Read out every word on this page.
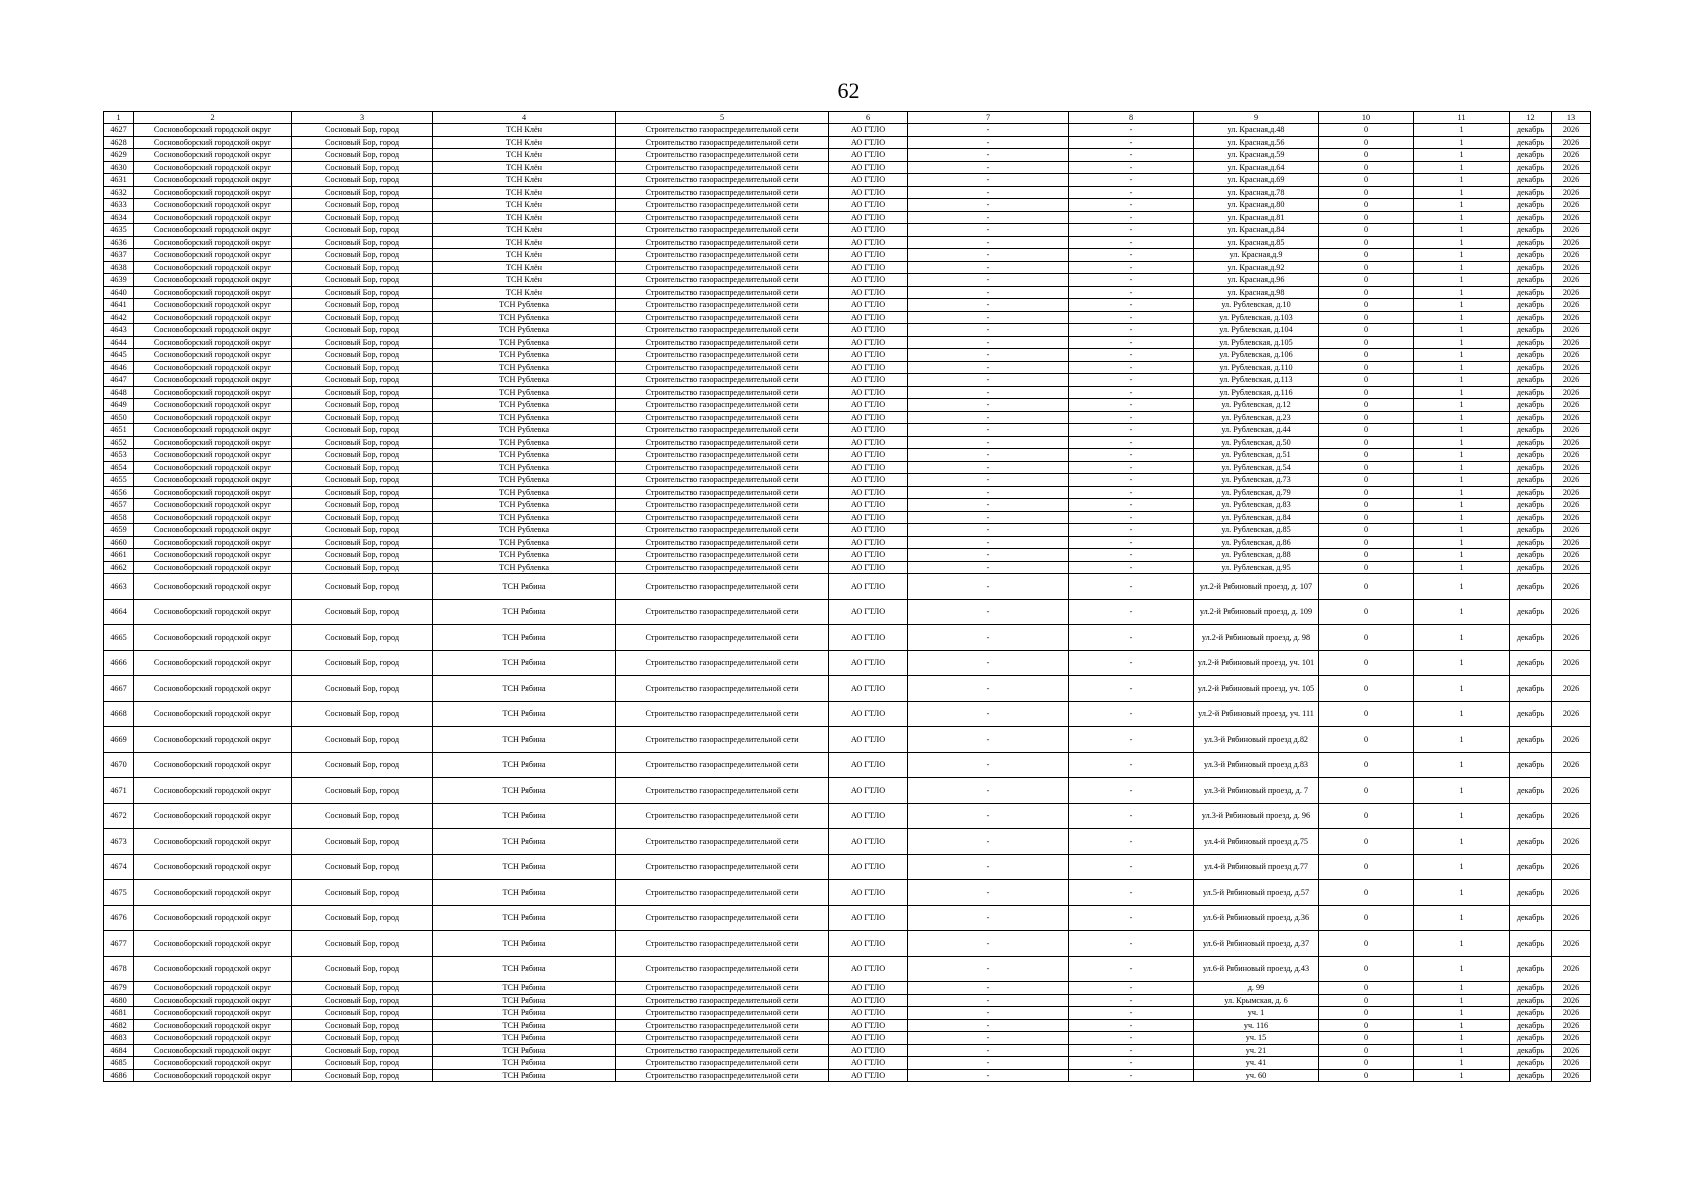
62
1	2	3	4	5	6	7	8	9	10	11	12	13
4627	Сосновоборский городской округ	Сосновый Бор, город	ТСН Клён	Строительство газораспределительной сети	АО ГТЛО	-	-	ул. Красная,д.48	0	1	декабрь	2026
4628	Сосновоборский городской округ	Сосновый Бор, город	ТСН Клён	Строительство газораспределительной сети	АО ГТЛО	-	-	ул. Красная,д.56	0	1	декабрь	2026
4629	Сосновоборский городской округ	Сосновый Бор, город	ТСН Клён	Строительство газораспределительной сети	АО ГТЛО	-	-	ул. Красная,д.59	0	1	декабрь	2026
4630	Сосновоборский городской округ	Сосновый Бор, город	ТСН Клён	Строительство газораспределительной сети	АО ГТЛО	-	-	ул. Красная,д.64	0	1	декабрь	2026
4631	Сосновоборский городской округ	Сосновый Бор, город	ТСН Клён	Строительство газораспределительной сети	АО ГТЛО	-	-	ул. Красная,д.69	0	1	декабрь	2026
4632	Сосновоборский городской округ	Сосновый Бор, город	ТСН Клён	Строительство газораспределительной сети	АО ГТЛО	-	-	ул. Красная,д.78	0	1	декабрь	2026
4633	Сосновоборский городской округ	Сосновый Бор, город	ТСН Клён	Строительство газораспределительной сети	АО ГТЛО	-	-	ул. Красная,д.80	0	1	декабрь	2026
4634	Сосновоборский городской округ	Сосновый Бор, город	ТСН Клён	Строительство газораспределительной сети	АО ГТЛО	-	-	ул. Красная,д.81	0	1	декабрь	2026
4635	Сосновоборский городской округ	Сосновый Бор, город	ТСН Клён	Строительство газораспределительной сети	АО ГТЛО	-	-	ул. Красная,д.84	0	1	декабрь	2026
4636	Сосновоборский городской округ	Сосновый Бор, город	ТСН Клён	Строительство газораспределительной сети	АО ГТЛО	-	-	ул. Красная,д.85	0	1	декабрь	2026
4637	Сосновоборский городской округ	Сосновый Бор, город	ТСН Клён	Строительство газораспределительной сети	АО ГТЛО	-	-	ул. Красная,д.9	0	1	декабрь	2026
4638	Сосновоборский городской округ	Сосновый Бор, город	ТСН Клён	Строительство газораспределительной сети	АО ГТЛО	-	-	ул. Красная,д.92	0	1	декабрь	2026
4639	Сосновоборский городской округ	Сосновый Бор, город	ТСН Клён	Строительство газораспределительной сети	АО ГТЛО	-	-	ул. Красная,д.96	0	1	декабрь	2026
4640	Сосновоборский городской округ	Сосновый Бор, город	ТСН Клён	Строительство газораспределительной сети	АО ГТЛО	-	-	ул. Красная,д.98	0	1	декабрь	2026
4641	Сосновоборский городской округ	Сосновый Бор, город	ТСН Рублевка	Строительство газораспределительной сети	АО ГТЛО	-	-	ул. Рублевская, д.10	0	1	декабрь	2026
4642	Сосновоборский городской округ	Сосновый Бор, город	ТСН Рублевка	Строительство газораспределительной сети	АО ГТЛО	-	-	ул. Рублевская, д.103	0	1	декабрь	2026
4643	Сосновоборский городской округ	Сосновый Бор, город	ТСН Рублевка	Строительство газораспределительной сети	АО ГТЛО	-	-	ул. Рублевская, д.104	0	1	декабрь	2026
4644	Сосновоборский городской округ	Сосновый Бор, город	ТСН Рублевка	Строительство газораспределительной сети	АО ГТЛО	-	-	ул. Рублевская, д.105	0	1	декабрь	2026
4645	Сосновоборский городской округ	Сосновый Бор, город	ТСН Рублевка	Строительство газораспределительной сети	АО ГТЛО	-	-	ул. Рублевская, д.106	0	1	декабрь	2026
4646	Сосновоборский городской округ	Сосновый Бор, город	ТСН Рублевка	Строительство газораспределительной сети	АО ГТЛО	-	-	ул. Рублевская, д.110	0	1	декабрь	2026
4647	Сосновоборский городской округ	Сосновый Бор, город	ТСН Рублевка	Строительство газораспределительной сети	АО ГТЛО	-	-	ул. Рублевская, д.113	0	1	декабрь	2026
4648	Сосновоборский городской округ	Сосновый Бор, город	ТСН Рублевка	Строительство газораспределительной сети	АО ГТЛО	-	-	ул. Рублевская, д.116	0	1	декабрь	2026
4649	Сосновоборский городской округ	Сосновый Бор, город	ТСН Рублевка	Строительство газораспределительной сети	АО ГТЛО	-	-	ул. Рублевская, д.12	0	1	декабрь	2026
4650	Сосновоборский городской округ	Сосновый Бор, город	ТСН Рублевка	Строительство газораспределительной сети	АО ГТЛО	-	-	ул. Рублевская, д.23	0	1	декабрь	2026
4651	Сосновоборский городской округ	Сосновый Бор, город	ТСН Рублевка	Строительство газораспределительной сети	АО ГТЛО	-	-	ул. Рублевская, д.44	0	1	декабрь	2026
4652	Сосновоборский городской округ	Сосновый Бор, город	ТСН Рублевка	Строительство газораспределительной сети	АО ГТЛО	-	-	ул. Рублевская, д.50	0	1	декабрь	2026
4653	Сосновоборский городской округ	Сосновый Бор, город	ТСН Рублевка	Строительство газораспределительной сети	АО ГТЛО	-	-	ул. Рублевская, д.51	0	1	декабрь	2026
4654	Сосновоборский городской округ	Сосновый Бор, город	ТСН Рублевка	Строительство газораспределительной сети	АО ГТЛО	-	-	ул. Рублевская, д.54	0	1	декабрь	2026
4655	Сосновоборский городской округ	Сосновый Бор, город	ТСН Рублевка	Строительство газораспределительной сети	АО ГТЛО	-	-	ул. Рублевская, д.73	0	1	декабрь	2026
4656	Сосновоборский городской округ	Сосновый Бор, город	ТСН Рублевка	Строительство газораспределительной сети	АО ГТЛО	-	-	ул. Рублевская, д.79	0	1	декабрь	2026
4657	Сосновоборский городской округ	Сосновый Бор, город	ТСН Рублевка	Строительство газораспределительной сети	АО ГТЛО	-	-	ул. Рублевская, д.83	0	1	декабрь	2026
4658	Сосновоборский городской округ	Сосновый Бор, город	ТСН Рублевка	Строительство газораспределительной сети	АО ГТЛО	-	-	ул. Рублевская, д.84	0	1	декабрь	2026
4659	Сосновоборский городской округ	Сосновый Бор, город	ТСН Рублевка	Строительство газораспределительной сети	АО ГТЛО	-	-	ул. Рублевская, д.85	0	1	декабрь	2026
4660	Сосновоборский городской округ	Сосновый Бор, город	ТСН Рублевка	Строительство газораспределительной сети	АО ГТЛО	-	-	ул. Рублевская, д.86	0	1	декабрь	2026
4661	Сосновоборский городской округ	Сосновый Бор, город	ТСН Рублевка	Строительство газораспределительной сети	АО ГТЛО	-	-	ул. Рублевская, д.88	0	1	декабрь	2026
4662	Сосновоборский городской округ	Сосновый Бор, город	ТСН Рублевка	Строительство газораспределительной сети	АО ГТЛО	-	-	ул. Рублевская, д.95	0	1	декабрь	2026
4663	Сосновоборский городской округ	Сосновый Бор, город	ТСН Рябина	Строительство газораспределительной сети	АО ГТЛО	-	-	ул.2-й Рябиновый проезд, д. 107	0	1	декабрь	2026
4664	Сосновоборский городской округ	Сосновый Бор, город	ТСН Рябина	Строительство газораспределительной сети	АО ГТЛО	-	-	ул.2-й Рябиновый проезд, д. 109	0	1	декабрь	2026
4665	Сосновоборский городской округ	Сосновый Бор, город	ТСН Рябина	Строительство газораспределительной сети	АО ГТЛО	-	-	ул.2-й Рябиновый проезд, д. 98	0	1	декабрь	2026
4666	Сосновоборский городской округ	Сосновый Бор, город	ТСН Рябина	Строительство газораспределительной сети	АО ГТЛО	-	-	ул.2-й Рябиновый проезд, уч. 101	0	1	декабрь	2026
4667	Сосновоборский городской округ	Сосновый Бор, город	ТСН Рябина	Строительство газораспределительной сети	АО ГТЛО	-	-	ул.2-й Рябиновый проезд, уч. 105	0	1	декабрь	2026
4668	Сосновоборский городской округ	Сосновый Бор, город	ТСН Рябина	Строительство газораспределительной сети	АО ГТЛО	-	-	ул.2-й Рябиновый проезд, уч. 111	0	1	декабрь	2026
4669	Сосновоборский городской округ	Сосновый Бор, город	ТСН Рябина	Строительство газораспределительной сети	АО ГТЛО	-	-	ул.3-й Рябиновый проезд д.82	0	1	декабрь	2026
4670	Сосновоборский городской округ	Сосновый Бор, город	ТСН Рябина	Строительство газораспределительной сети	АО ГТЛО	-	-	ул.3-й Рябиновый проезд д.83	0	1	декабрь	2026
4671	Сосновоборский городской округ	Сосновый Бор, город	ТСН Рябина	Строительство газораспределительной сети	АО ГТЛО	-	-	ул.3-й Рябиновый проезд, д. 7	0	1	декабрь	2026
4672	Сосновоборский городской округ	Сосновый Бор, город	ТСН Рябина	Строительство газораспределительной сети	АО ГТЛО	-	-	ул.3-й Рябиновый проезд, д. 96	0	1	декабрь	2026
4673	Сосновоборский городской округ	Сосновый Бор, город	ТСН Рябина	Строительство газораспределительной сети	АО ГТЛО	-	-	ул.4-й Рябиновый проезд д.75	0	1	декабрь	2026
4674	Сосновоборский городской округ	Сосновый Бор, город	ТСН Рябина	Строительство газораспределительной сети	АО ГТЛО	-	-	ул.4-й Рябиновый проезд д.77	0	1	декабрь	2026
4675	Сосновоборский городской округ	Сосновый Бор, город	ТСН Рябина	Строительство газораспределительной сети	АО ГТЛО	-	-	ул.5-й Рябиновый проезд, д.57	0	1	декабрь	2026
4676	Сосновоборский городской округ	Сосновый Бор, город	ТСН Рябина	Строительство газораспределительной сети	АО ГТЛО	-	-	ул.6-й Рябиновый проезд, д.36	0	1	декабрь	2026
4677	Сосновоборский городской округ	Сосновый Бор, город	ТСН Рябина	Строительство газораспределительной сети	АО ГТЛО	-	-	ул.6-й Рябиновый проезд, д.37	0	1	декабрь	2026
4678	Сосновоборский городской округ	Сосновый Бор, город	ТСН Рябина	Строительство газораспределительной сети	АО ГТЛО	-	-	ул.6-й Рябиновый проезд, д.43	0	1	декабрь	2026
4679	Сосновоборский городской округ	Сосновый Бор, город	ТСН Рябина	Строительство газораспределительной сети	АО ГТЛО	-	-	д. 99	0	1	декабрь	2026
4680	Сосновоборский городской округ	Сосновый Бор, город	ТСН Рябина	Строительство газораспределительной сети	АО ГТЛО	-	-	ул. Крымская, д. 6	0	1	декабрь	2026
4681	Сосновоборский городской округ	Сосновый Бор, город	ТСН Рябина	Строительство газораспределительной сети	АО ГТЛО	-	-	уч. 1	0	1	декабрь	2026
4682	Сосновоборский городской округ	Сосновый Бор, город	ТСН Рябина	Строительство газораспределительной сети	АО ГТЛО	-	-	уч. 116	0	1	декабрь	2026
4683	Сосновоборский городской округ	Сосновый Бор, город	ТСН Рябина	Строительство газораспределительной сети	АО ГТЛО	-	-	уч. 15	0	1	декабрь	2026
4684	Сосновоборский городской округ	Сосновый Бор, город	ТСН Рябина	Строительство газораспределительной сети	АО ГТЛО	-	-	уч. 21	0	1	декабрь	2026
4685	Сосновоборский городской округ	Сосновый Бор, город	ТСН Рябина	Строительство газораспределительной сети	АО ГТЛО	-	-	уч. 41	0	1	декабрь	2026
4686	Сосновоборский городской округ	Сосновый Бор, город	ТСН Рябина	Строительство газораспределительной сети	АО ГТЛО	-	-	уч. 60	0	1	декабрь	2026
